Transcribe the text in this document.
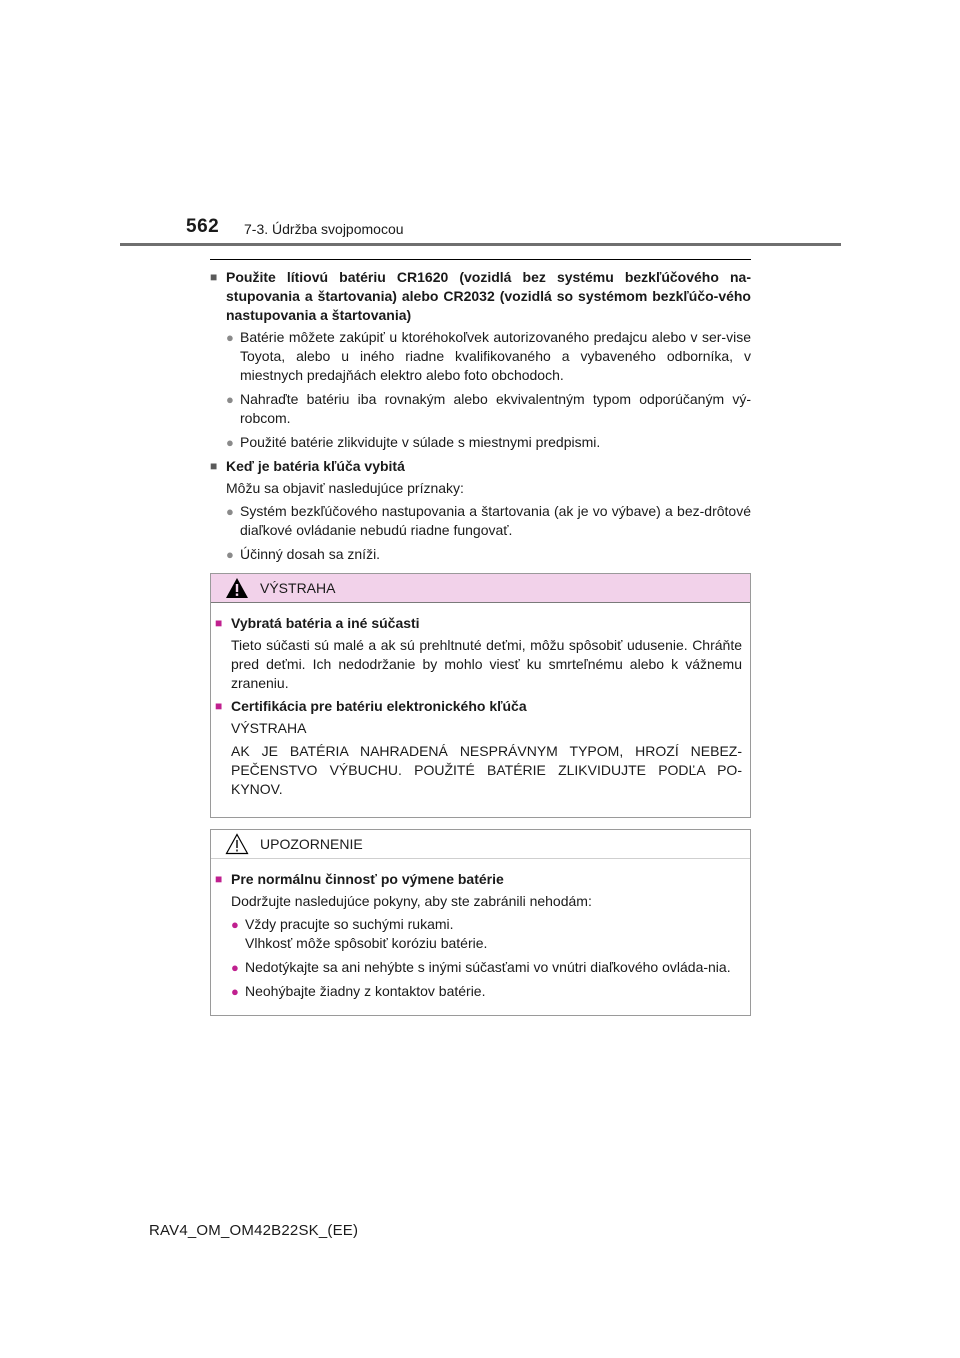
562 7-3. Údržba svojpomocou
■ Použite lítiovú batériu CR1620 (vozidlá bez systému bezkľúčového na-stupovania a štartovania) alebo CR2032 (vozidlá so systémom bezkľúčo-vého nastupovania a štartovania)
● Batérie môžete zakúpiť u ktoréhokoľvek autorizovaného predajcu alebo v ser-vise Toyota, alebo u iného riadne kvalifikovaného a vybaveného odborníka, v miestnych predajňách elektro alebo foto obchodoch.
● Nahraďte batériu iba rovnakým alebo ekvivalentným typom odporúčaným vý-robcom.
● Použité batérie zlikvidujte v súlade s miestnymi predpismi.
■ Keď je batéria kľúča vybitá
Môžu sa objaviť nasledujúce príznaky:
● Systém bezkľúčového nastupovania a štartovania (ak je vo výbave) a bez-drôtové diaľkové ovládanie nebudú riadne fungovať.
● Účinný dosah sa zníži.
VÝSTRAHA
■ Vybratá batéria a iné súčasti
Tieto súčasti sú malé a ak sú prehltnuté deťmi, môžu spôsobiť udusenie. Chráňte pred deťmi. Ich nedodržanie by mohlo viesť ku smrteľnému alebo k vážnemu zraneniu.
■ Certifikácia pre batériu elektronického kľúča
VÝSTRAHA
AK JE BATÉRIA NAHRADENÁ NESPRÁVNYM TYPOM, HROZÍ NEBEZ-PEČENSTVO VÝBUCHU. POUŽITÉ BATÉRIE ZLIKVIDUJTE PODĽA PO-KYNOV.
UPOZORNENIE
■ Pre normálnu činnosť po výmene batérie
Dodržujte nasledujúce pokyny, aby ste zabránili nehodám:
● Vždy pracujte so suchými rukami.
Vlhkosť môže spôsobiť koróziu batérie.
● Nedotýkajte sa ani nehýbte s inými súčasťami vo vnútri diaľkového ovláda-nia.
● Neohýbajte žiadny z kontaktov batérie.
RAV4_OM_OM42B22SK_(EE)
